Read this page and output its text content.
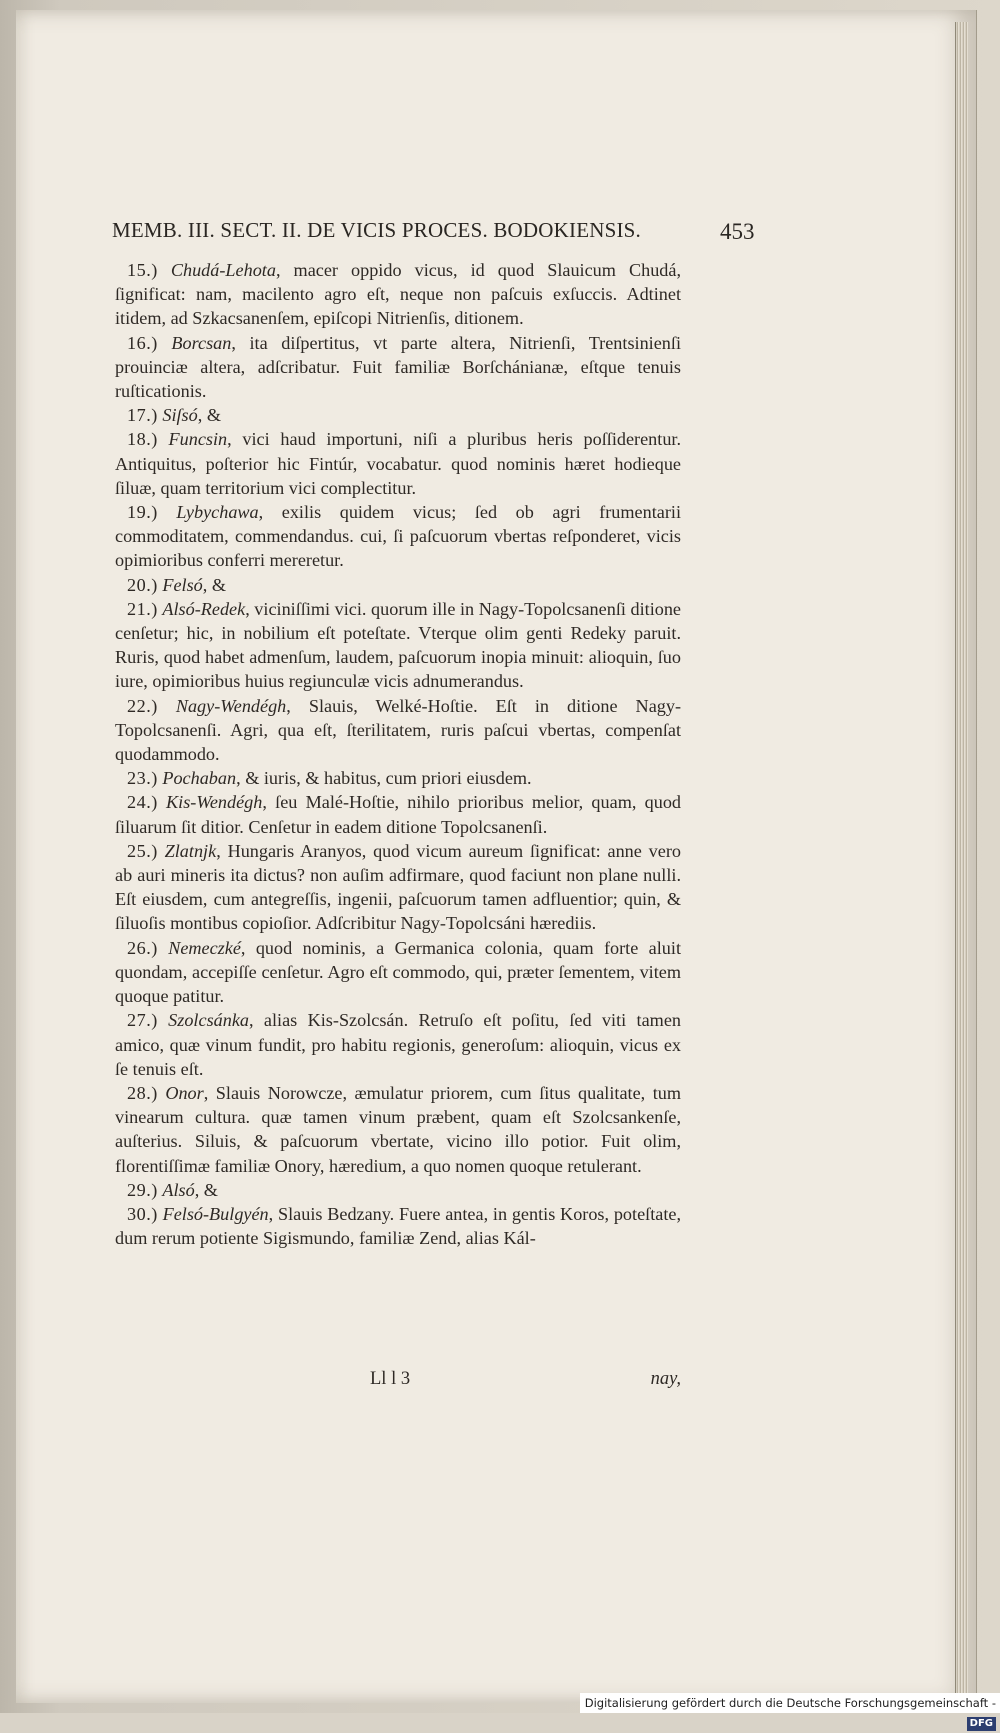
MEMB. III. SECT. II. DE VICIS PROCES. BODOKIENSIS.	453

15.) Chudá-Lehota, macer oppido vicus, id quod Slauicum Chudá, ſignificat: nam, macilento agro eſt, neque non paſcuis exſuccis. Adtinet itidem, ad Szkacsanenſem, epiſcopi Nitrienſis, ditionem.

16.) Borcsan, ita diſpertitus, vt parte altera, Nitrienſi, Trentsinienſi prouinciæ altera, adſcribatur. Fuit familiæ Borſchánianæ, eſtque tenuis ruſticationis.

17.) Siſsó, &

18.) Funcsin, vici haud importuni, niſi a pluribus heris poſſiderentur. Antiquitus, poſterior hic Fintúr, vocabatur. quod nominis hæret hodieque ſiluæ, quam territorium vici complectitur.

19.) Lybychawa, exilis quidem vicus; ſed ob agri frumentarii commoditatem, commendandus. cui, ſi paſcuorum vbertas reſponderet, vicis opimioribus conferri mereretur.

20.) Felsó, &

21.) Alsó-Redek, viciniſſimi vici. quorum ille in Nagy-Topolcsanenſi ditione cenſetur; hic, in nobilium eſt poteſtate. Vterque olim genti Redeky paruit. Ruris, quod habet admenſum, laudem, paſcuorum inopia minuit: alioquin, ſuo iure, opimioribus huius regiunculæ vicis adnumerandus.

22.) Nagy-Wendégh, Slauis, Welké-Hoſtie. Eſt in ditione Nagy-Topolcsanenſi. Agri, qua eſt, ſterilitatem, ruris paſcui vbertas, compenſat quodammodo.

23.) Pochaban, & iuris, & habitus, cum priori eiusdem.

24.) Kis-Wendégh, ſeu Malé-Hoſtie, nihilo prioribus melior, quam, quod ſiluarum ſit ditior. Cenſetur in eadem ditione Topolcsanenſi.

25.) Zlatnjk, Hungaris Aranyos, quod vicum aureum ſignificat: anne vero ab auri mineris ita dictus? non auſim adfirmare, quod faciunt non plane nulli. Eſt eiusdem, cum antegreſſis, ingenii, paſcuorum tamen adfluentior; quin, & ſiluoſis montibus copioſior. Adſcribitur Nagy-Topolcsáni hærediis.

26.) Nemeczké, quod nominis, a Germanica colonia, quam forte aluit quondam, accepiſſe cenſetur. Agro eſt commodo, qui, præter ſementem, vitem quoque patitur.

27.) Szolcsánka, alias Kis-Szolcsán. Retruſo eſt poſitu, ſed viti tamen amico, quæ vinum fundit, pro habitu regionis, generoſum: alioquin, vicus ex ſe tenuis eſt.

28.) Onor, Slauis Norowcze, æmulatur priorem, cum ſitus qualitate, tum vinearum cultura. quæ tamen vinum præbent, quam eſt Szolcsankenſe, auſterius. Siluis, & paſcuorum vbertate, vicino illo potior. Fuit olim, florentiſſimæ familiæ Onory, hæredium, a quo nomen quoque retulerant.

29.) Alsó, &

30.) Felsó-Bulgyén, Slauis Bedzany. Fuere antea, in gentis Koros, poteſtate, dum rerum potiente Sigismundo, familiæ Zend, alias Kál-

Ll l 3	nay,
Digitalisierung gefördert durch die Deutsche Forschungsgemeinschaft -DFG
